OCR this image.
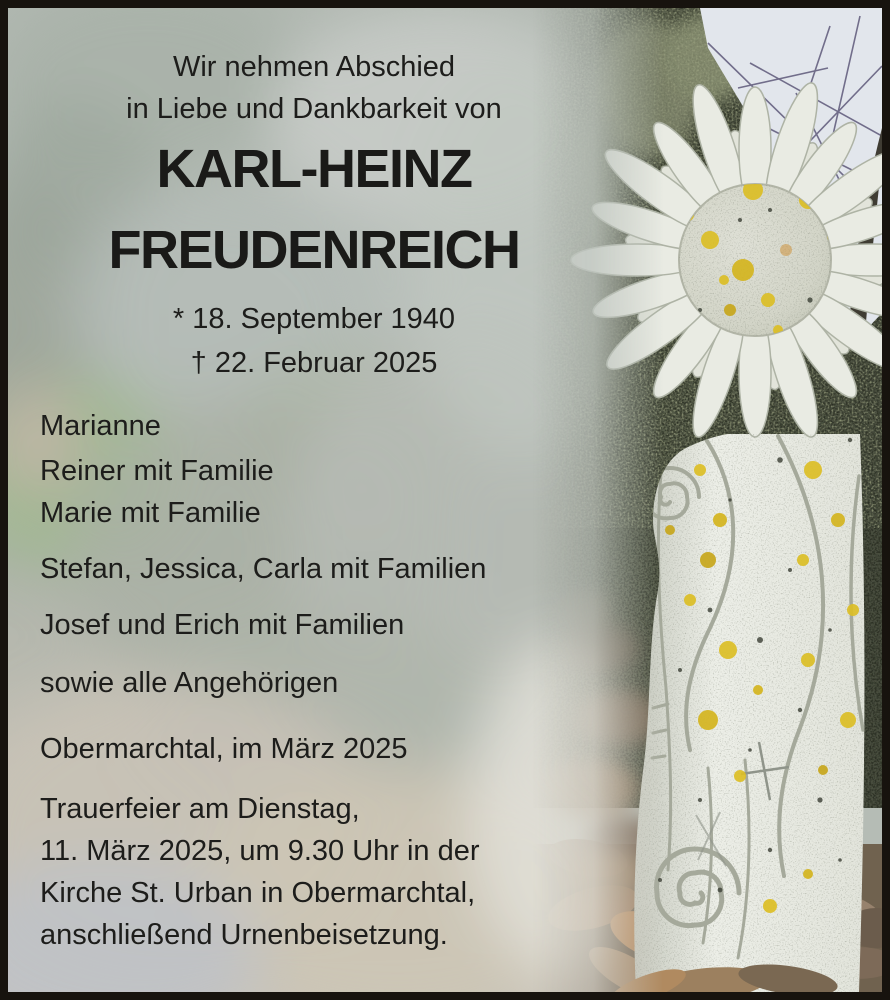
Wir nehmen Abschied
in Liebe und Dankbarkeit von
KARL-HEINZ
FREUDENREICH
* 18. September 1940
† 22. Februar 2025
Marianne
Reiner mit Familie
Marie mit Familie
Stefan, Jessica, Carla mit Familien
Josef und Erich mit Familien
sowie alle Angehörigen
Obermarchtal, im März 2025
Trauerfeier am Dienstag,
11. März 2025, um 9.30 Uhr in der
Kirche St. Urban in Obermarchtal,
anschließend Urnenbeisetzung.
